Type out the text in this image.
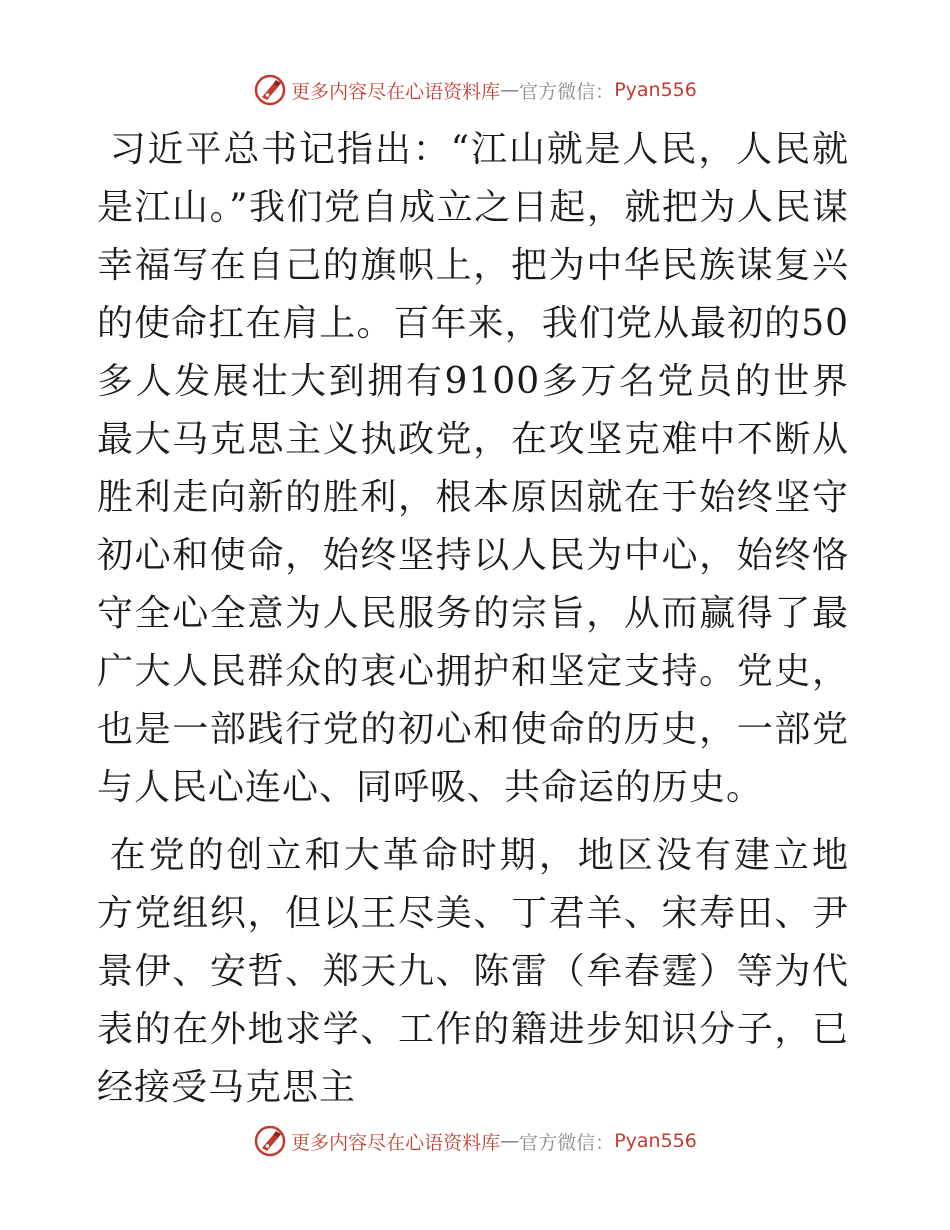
更多内容尽在心语资料库 — 官方微信： Pyan556

习近平总书记指出：“江山就是人民，人民就是江山。”我们党自成立之日起，就把为人民谋幸福写在自己的旗帜上，把为中华民族谋复兴的使命扛在肩上。百年来，我们党从最初的50多人发展壮大到拥有9100多万名党员的世界最大马克思主义执政党，在攻坚克难中不断从胜利走向新的胜利，根本原因就在于始终坚守初心和使命，始终坚持以人民为中心，始终恪守全心全意为人民服务的宗旨，从而赢得了最广大人民群众的衷心拥护和坚定支持。党史，也是一部践行党的初心和使命的历史，一部党与人民心连心、同呼吸、共命运的历史。

在党的创立和大革命时期，地区没有建立地方党组织，但以王尽美、丁君羊、宋寿田、尹景伊、安哲、郑天九、陈雷（牟春霆）等为代表的在外地求学、工作的籍进步知识分子，已经接受马克思主

更多内容尽在心语资料库 — 官方微信： Pyan556
